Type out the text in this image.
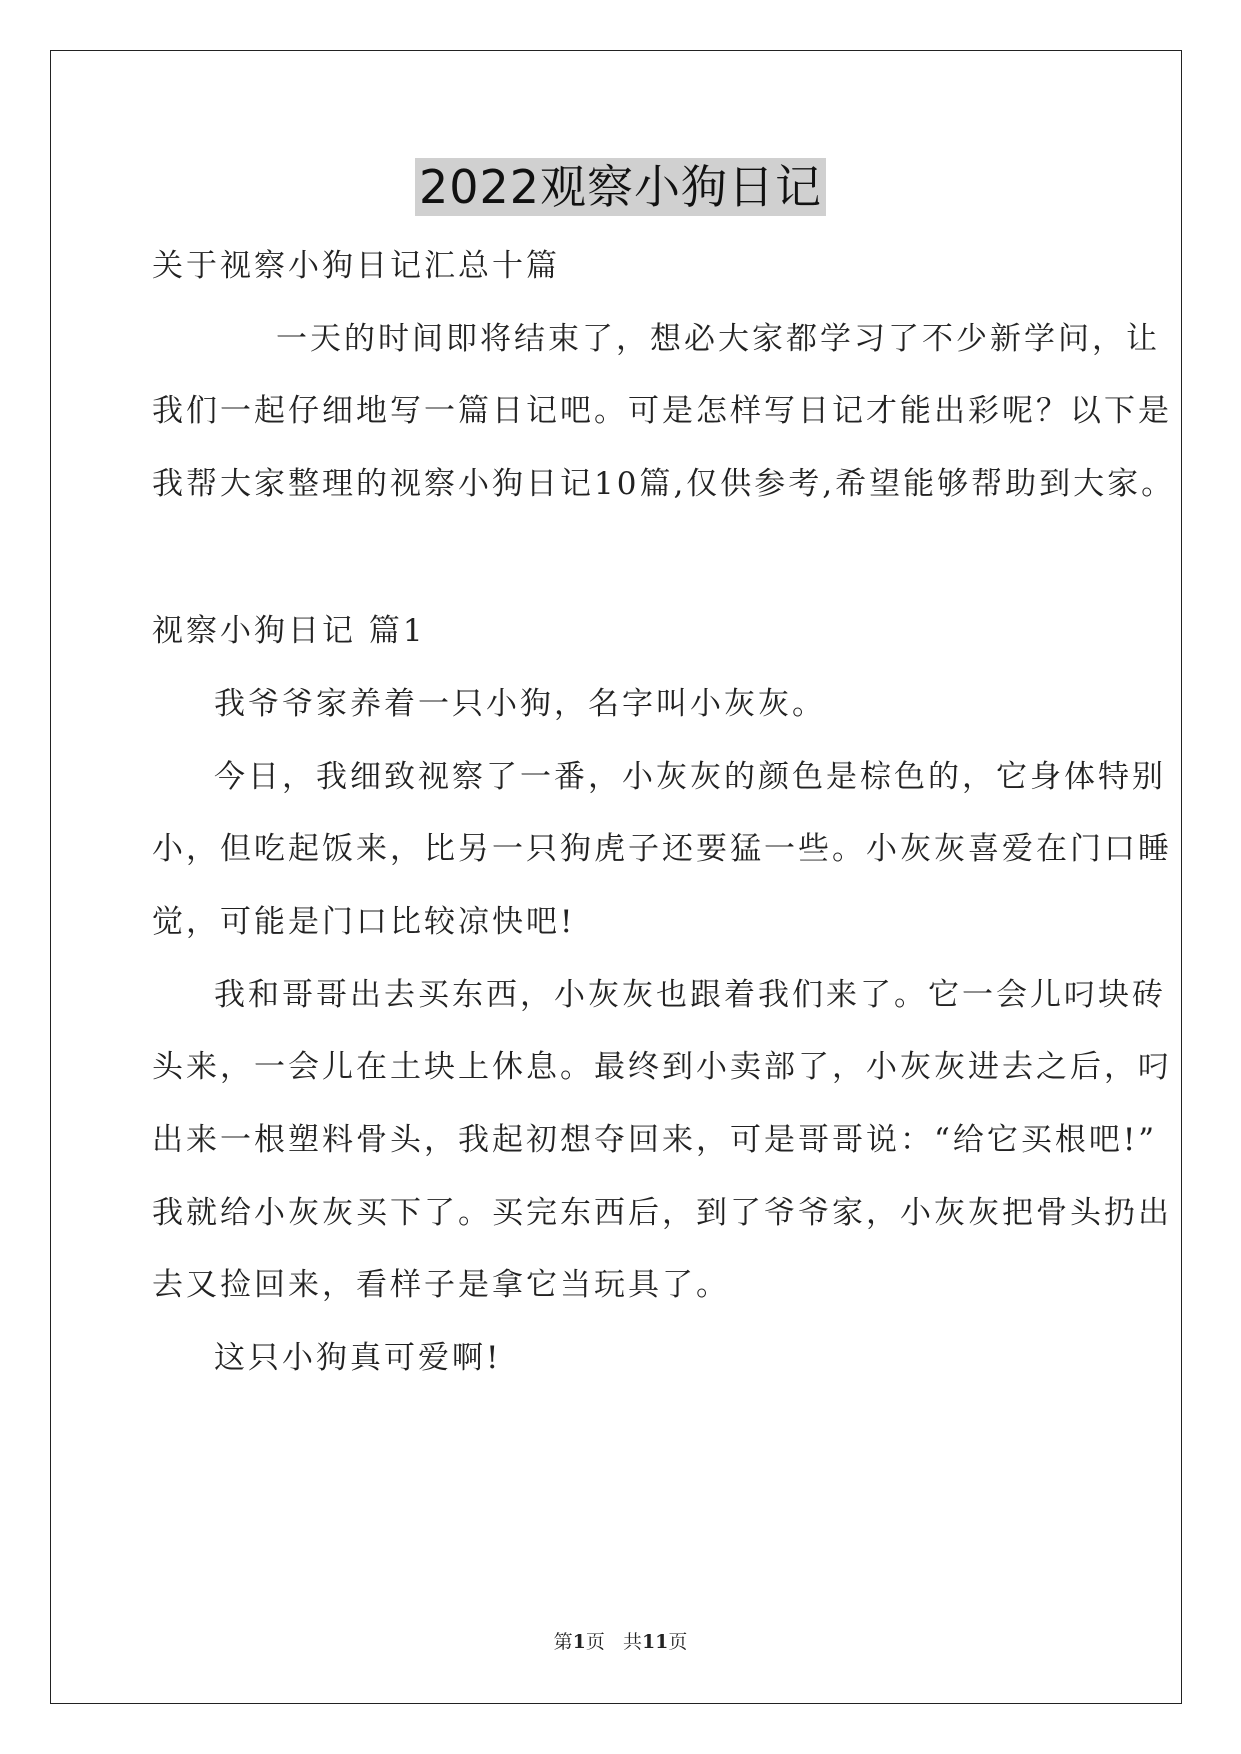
2022观察小狗日记
关于视察小狗日记汇总十篇
一天的时间即将结束了，想必大家都学习了不少新学问，让
我们一起仔细地写一篇日记吧。可是怎样写日记才能出彩呢？以下是
我帮大家整理的视察小狗日记10篇,仅供参考,希望能够帮助到大家。
视察小狗日记 篇1
我爷爷家养着一只小狗，名字叫小灰灰。
今日，我细致视察了一番，小灰灰的颜色是棕色的，它身体特别
小，但吃起饭来，比另一只狗虎子还要猛一些。小灰灰喜爱在门口睡
觉，可能是门口比较凉快吧!
我和哥哥出去买东西，小灰灰也跟着我们来了。它一会儿叼块砖
头来，一会儿在土块上休息。最终到小卖部了，小灰灰进去之后，叼
出来一根塑料骨头，我起初想夺回来，可是哥哥说：“给它买根吧!”
我就给小灰灰买下了。买完东西后，到了爷爷家，小灰灰把骨头扔出
去又捡回来，看样子是拿它当玩具了。
这只小狗真可爱啊!
第1页   共11页
